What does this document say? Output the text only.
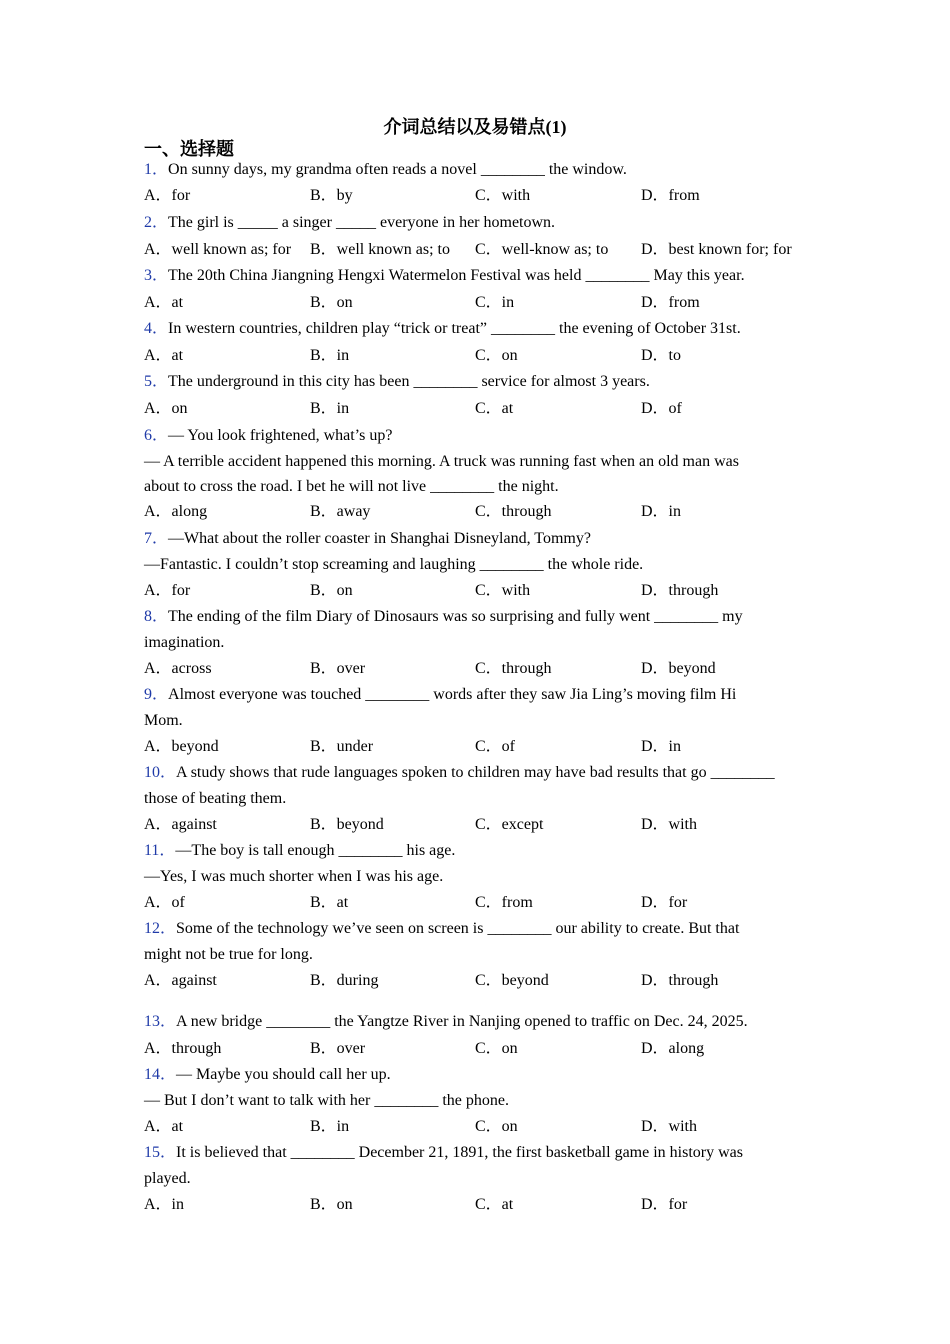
介词总结以及易错点(1)
一、选择题
1．On sunny days, my grandma often reads a novel ________ the window.
A．for	B．by	C．with	D．from
2．The girl is _____ a singer _____ everyone in her hometown.
A．well known as; for B．well known as; to C．well-know as; to D．best known for; for
3．The 20th China Jiangning Hengxi Watermelon Festival was held ________ May this year.
A．at	B．on	C．in	D．from
4．In western countries, children play “trick or treat” ________ the evening of October 31st.
A．at	B．in	C．on	D．to
5．The underground in this city has been ________ service for almost 3 years.
A．on	B．in	C．at	D．of
6．— You look frightened, what’s up?
— A terrible accident happened this morning. A truck was running fast when an old man was
about to cross the road. I bet he will not live ________ the night.
A．along	B．away	C．through	D．in
7．—What about the roller coaster in Shanghai Disneyland, Tommy?
—Fantastic. I couldn’t stop screaming and laughing ________ the whole ride.
A．for	B．on	C．with	D．through
8．The ending of the film Diary of Dinosaurs was so surprising and fully went ________ my
imagination.
A．across	B．over	C．through	D．beyond
9．Almost everyone was touched ________ words after they saw Jia Ling’s moving film Hi
Mom.
A．beyond	B．under	C．of	D．in
10．A study shows that rude languages spoken to children may have bad results that go ________
those of beating them.
A．against	B．beyond	C．except	D．with
11．—The boy is tall enough ________ his age.
—Yes, I was much shorter when I was his age.
A．of	B．at	C．from	D．for
12．Some of the technology we’ve seen on screen is ________ our ability to create. But that
might not be true for long.
A．against	B．during	C．beyond	D．through
13．A new bridge ________ the Yangtze River in Nanjing opened to traffic on Dec. 24, 2025.
A．through	B．over	C．on	D．along
14．— Maybe you should call her up.
— But I don’t want to talk with her ________ the phone.
A．at	B．in	C．on	D．with
15．It is believed that ________ December 21, 1891, the first basketball game in history was
played.
A．in	B．on	C．at	D．for
